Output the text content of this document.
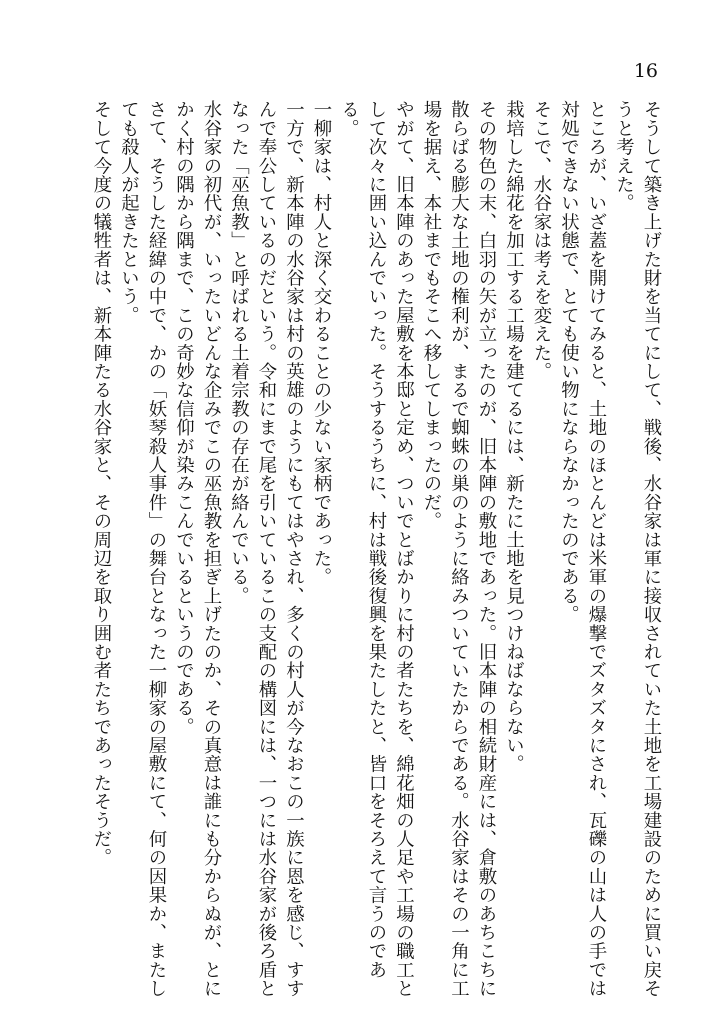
16

そうして築き上げた財を当てにして、戦後、水谷家は軍に接収されていた土地を工場建設のために買い戻そうと考えた。

ところが、いざ蓋を開けてみると、土地のほとんどは米軍の爆撃でズタズタにされ、瓦礫の山は人の手では対処できない状態で、とても使い物にならなかったのである。

そこで、水谷家は考えを変えた。

栽培した綿花を加工する工場を建てるには、新たに土地を見つけねばならない。

その物色の末、白羽の矢が立ったのが、旧本陣の敷地であった。旧本陣の相続財産には、倉敷のあちこちに散らばる膨大な土地の権利が、まるで蜘蛛の巣のように絡みついていたからである。水谷家はその一角に工場を据え、本社までもそこへ移してしまったのだ。

やがて、旧本陣のあった屋敷を本邸と定め、ついでとばかりに村の者たちを、綿花畑の人足や工場の職工として次々に囲い込んでいった。そうするうちに、村は戦後復興を果たしたと、皆口をそろえて言うのである。

一柳家は、村人と深く交わることの少ない家柄であった。

一方で、新本陣の水谷家は村の英雄のようにもてはやされ、多くの村人が今なおこの一族に恩を感じ、すすんで奉公しているのだという。令和にまで尾を引いているこの支配の構図には、一つには水谷家が後ろ盾となった「巫魚教」と呼ばれる土着宗教の存在が絡んでいる。

水谷家の初代が、いったいどんな企みでこの巫魚教を担ぎ上げたのか、その真意は誰にも分からぬが、とにかく村の隅から隅まで、この奇妙な信仰が染みこんでいるというのである。

さて、そうした経緯の中で、かの「妖琴殺人事件」の舞台となった一柳家の屋敷にて、何の因果か、またしても殺人が起きたという。

そして今度の犠牲者は、新本陣たる水谷家と、その周辺を取り囲む者たちであったそうだ。
